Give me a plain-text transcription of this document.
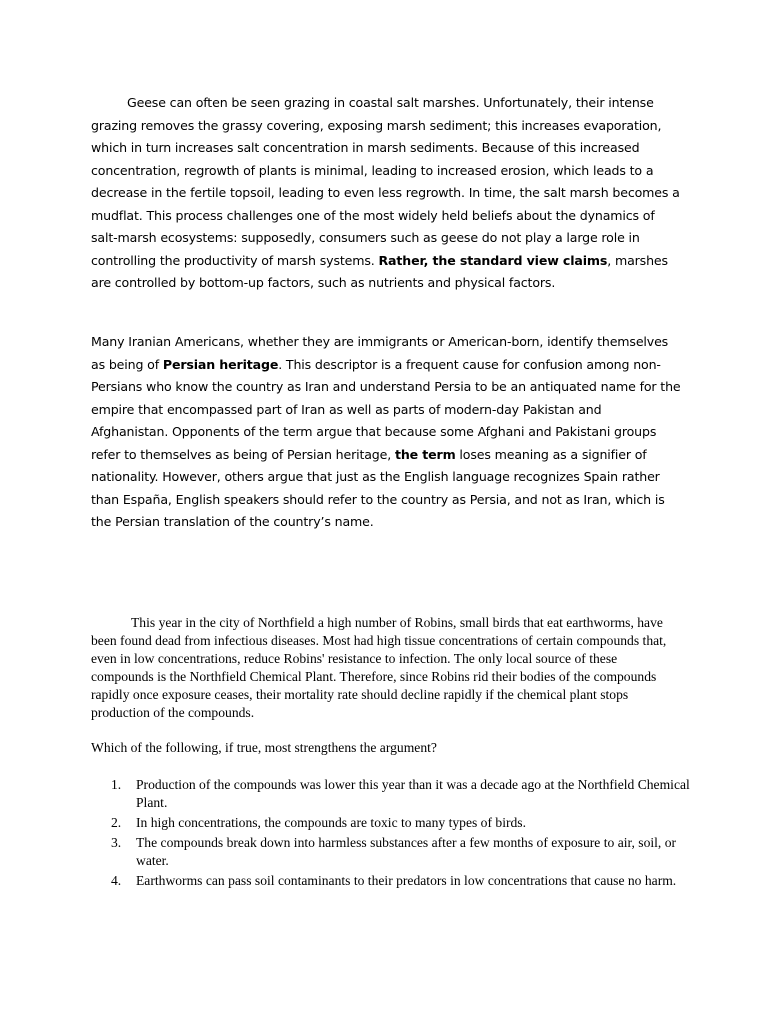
Geese can often be seen grazing in coastal salt marshes. Unfortunately, their intense grazing removes the grassy covering, exposing marsh sediment; this increases evaporation, which in turn increases salt concentration in marsh sediments. Because of this increased concentration, regrowth of plants is minimal, leading to increased erosion, which leads to a decrease in the fertile topsoil, leading to even less regrowth. In time, the salt marsh becomes a mudflat. This process challenges one of the most widely held beliefs about the dynamics of salt-marsh ecosystems: supposedly, consumers such as geese do not play a large role in controlling the productivity of marsh systems. Rather, the standard view claims, marshes are controlled by bottom-up factors, such as nutrients and physical factors.

Many Iranian Americans, whether they are immigrants or American-born, identify themselves as being of Persian heritage. This descriptor is a frequent cause for confusion among non-Persians who know the country as Iran and understand Persia to be an antiquated name for the empire that encompassed part of Iran as well as parts of modern-day Pakistan and Afghanistan. Opponents of the term argue that because some Afghani and Pakistani groups refer to themselves as being of Persian heritage, the term loses meaning as a signifier of nationality. However, others argue that just as the English language recognizes Spain rather than España, English speakers should refer to the country as Persia, and not as Iran, which is the Persian translation of the country’s name.

This year in the city of Northfield a high number of Robins, small birds that eat earthworms, have been found dead from infectious diseases. Most had high tissue concentrations of certain compounds that, even in low concentrations, reduce Robins' resistance to infection. The only local source of these compounds is the Northfield Chemical Plant. Therefore, since Robins rid their bodies of the compounds rapidly once exposure ceases, their mortality rate should decline rapidly if the chemical plant stops production of the compounds.

Which of the following, if true, most strengthens the argument?

1. Production of the compounds was lower this year than it was a decade ago at the Northfield Chemical Plant.
2. In high concentrations, the compounds are toxic to many types of birds.
3. The compounds break down into harmless substances after a few months of exposure to air, soil, or water.
4. Earthworms can pass soil contaminants to their predators in low concentrations that cause no harm.
